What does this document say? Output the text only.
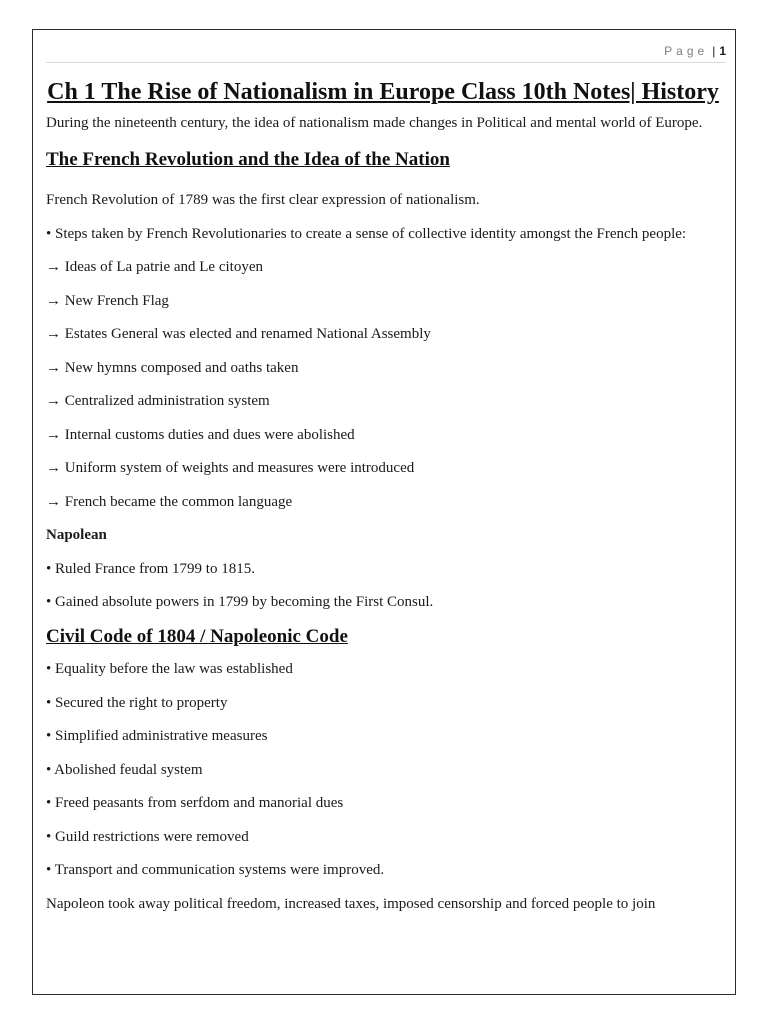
Page | 1
Ch 1 The Rise of Nationalism in Europe Class 10th Notes| History

During the nineteenth century, the idea of nationalism made changes in Political and mental world of Europe.

The French Revolution and the Idea of the Nation

French Revolution of 1789 was the first clear expression of nationalism.

• Steps taken by French Revolutionaries to create a sense of collective identity amongst the French people:

→ Ideas of La patrie and Le citoyen

→ New French Flag

→ Estates General was elected and renamed National Assembly

→ New hymns composed and oaths taken

→ Centralized administration system

→ Internal customs duties and dues were abolished

→ Uniform system of weights and measures were introduced

→ French became the common language

Napolean

• Ruled France from 1799 to 1815.

• Gained absolute powers in 1799 by becoming the First Consul.

Civil Code of 1804 / Napoleonic Code

• Equality before the law was established

• Secured the right to property

• Simplified administrative measures

• Abolished feudal system

• Freed peasants from serfdom and manorial dues

• Guild restrictions were removed

• Transport and communication systems were improved.

Napoleon took away political freedom, increased taxes, imposed censorship and forced people to join
